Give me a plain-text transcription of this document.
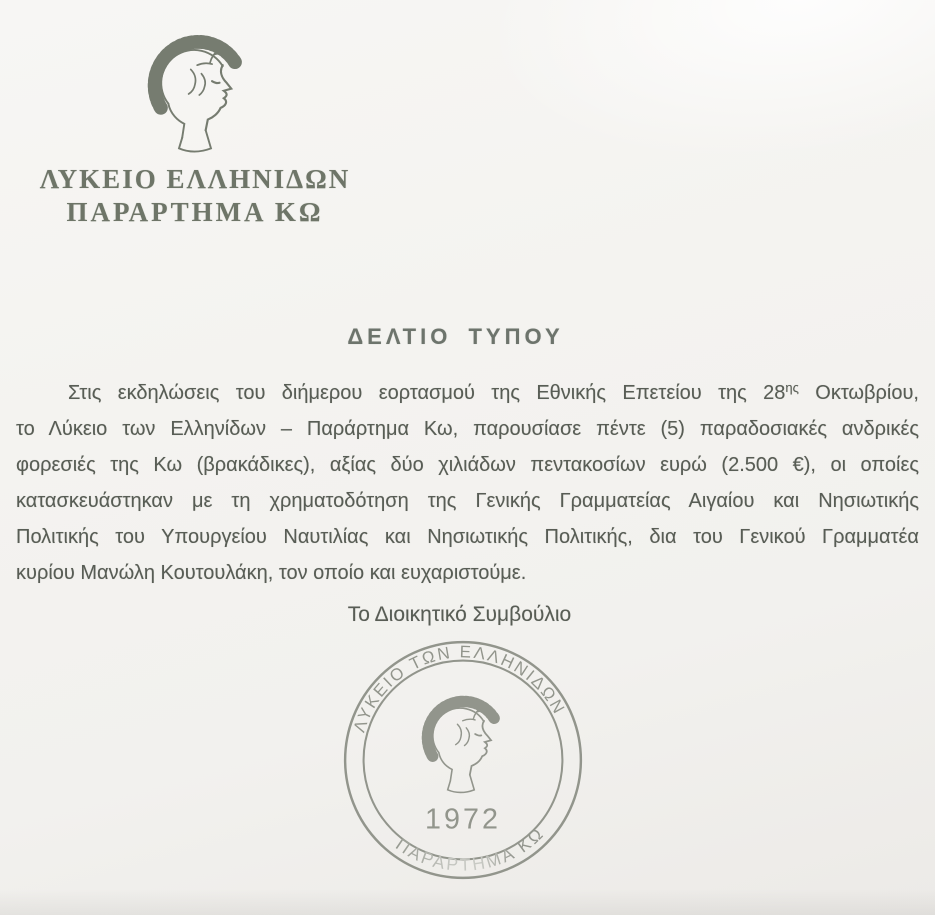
ΛΥΚΕΙΟ ΕΛΛΗΝΙΔΩΝ
ΠΑΡΑΡΤΗΜΑ ΚΩ
ΔΕΛΤΙΟ ΤΥΠΟΥ
Στις εκδηλώσεις του διήμερου εορτασμού της Εθνικής Επετείου της $28^{\eta\varsigma}$ Οκτωβρίου,
το Λύκειο των Ελληνίδων – Παράρτημα Κω, παρουσίασε πέντε (5) παραδοσιακές ανδρικές
φορεσιές της Κω (βρακάδικες), αξίας δύο χιλιάδων πεντακοσίων ευρώ (2.500 €), οι οποίες
κατασκευάστηκαν με τη χρηματοδότηση της Γενικής Γραμματείας Αιγαίου και Νησιωτικής
Πολιτικής του Υπουργείου Ναυτιλίας και Νησιωτικής Πολιτικής, δια του Γενικού Γραμματέα
κυρίου Μανώλη Κουτουλάκη, τον οποίο και ευχαριστούμε.
Το Διοικητικό Συμβούλιο
ΛΥΚΕΙΟ ΤΩΝ ΕΛΛΗΝΙΔΩΝ
ΠΑΡΑΡΤΗΜΑ ΚΩ
1972
